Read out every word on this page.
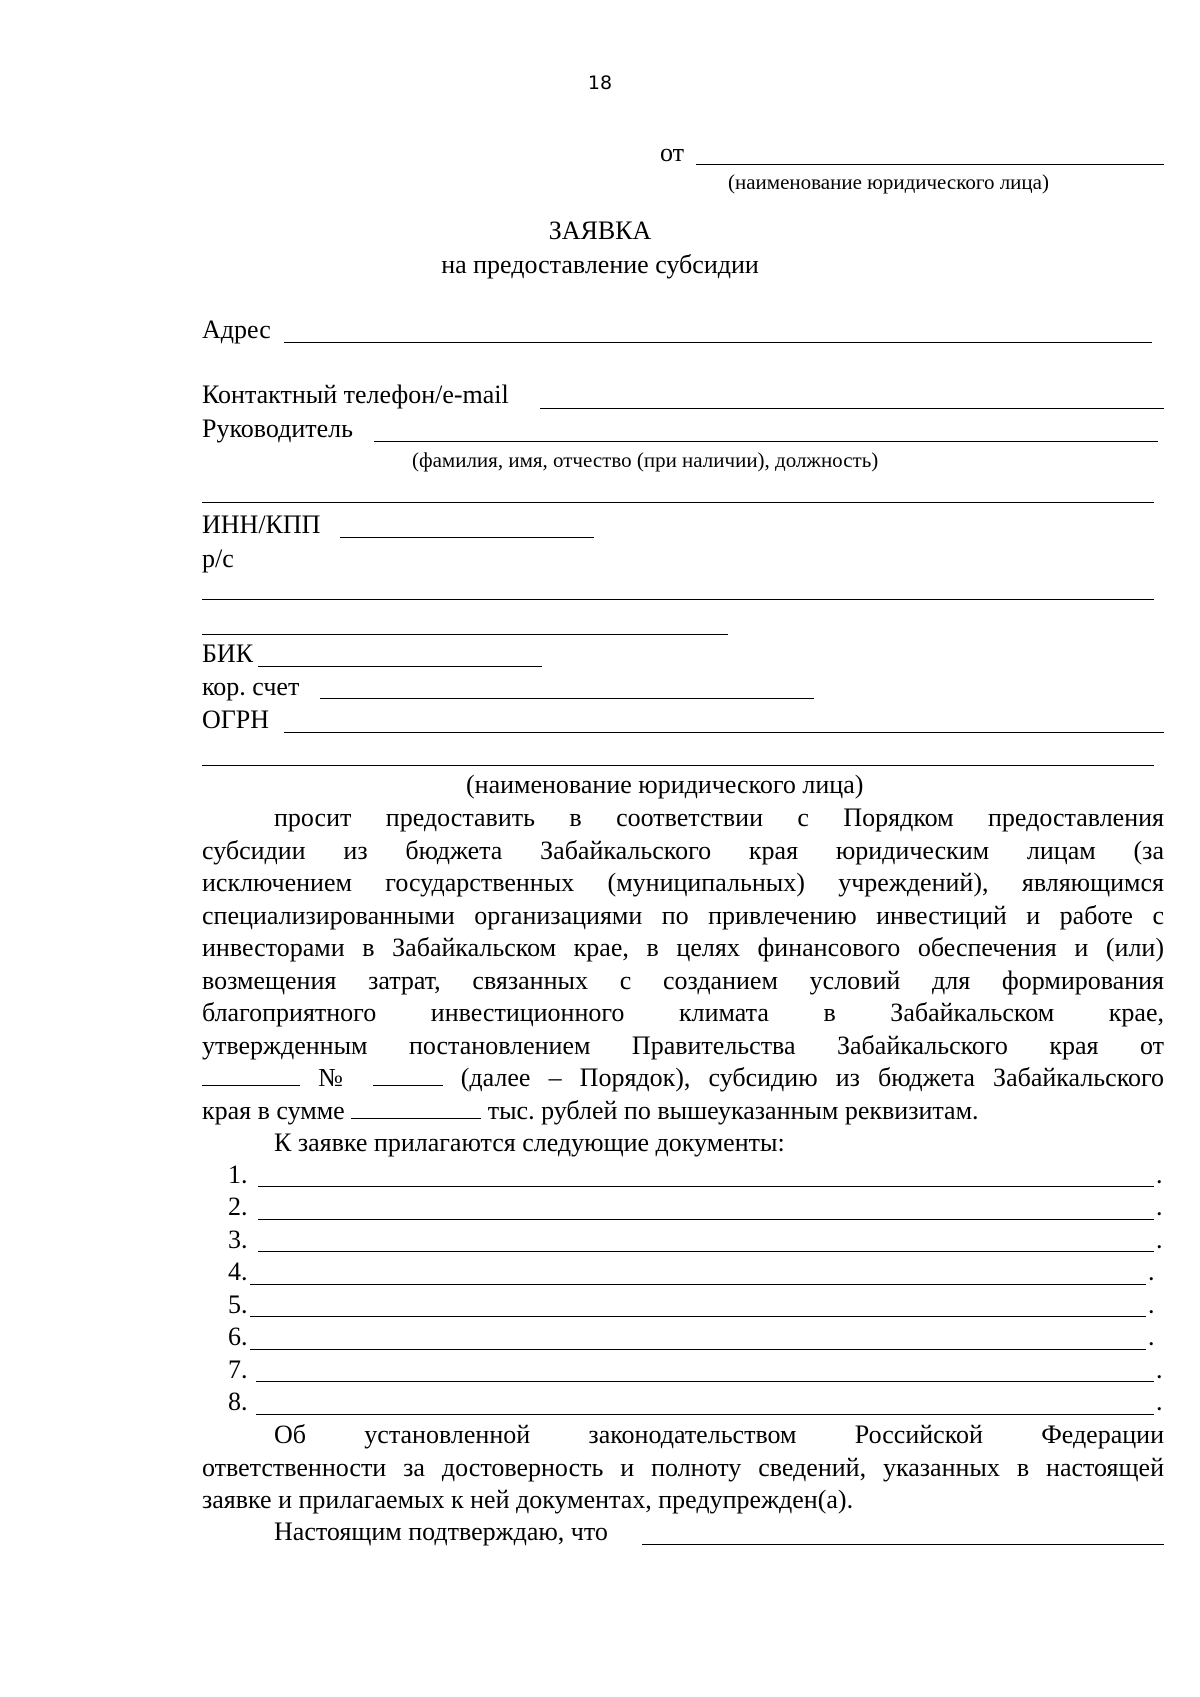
18
от
(наименование юридического лица)
ЗАЯВКА
на предоставление субсидии
Адрес
Контактный телефон/e-mail
Руководитель
(фамилия, имя, отчество (при наличии), должность)
ИНН/КПП
р/с
БИК
кор. счет
ОГРН
(наименование юридического лица)
просит предоставить в соответствии с Порядком предоставления
субсидии из бюджета Забайкальского края юридическим лицам (за
исключением государственных (муниципальных) учреждений), являющимся
специализированными организациями по привлечению инвестиций и работе с
инвесторами в Забайкальском крае, в целях финансового обеспечения и (или)
возмещения затрат, связанных с созданием условий для формирования
благоприятного инвестиционного климата в Забайкальском крае,
утвержденным постановлением Правительства Забайкальского края от
№	(далее – Порядок), субсидию из бюджета Забайкальского
края в сумме	тыс. рублей по вышеуказанным реквизитам.
К заявке прилагаются следующие документы:
1.	.
2.	.
3.	.
4.	.
5.	.
6.	.
7.	.
8.	.
Об установленной законодательством Российской Федерации
ответственности за достоверность и полноту сведений, указанных в настоящей
заявке и прилагаемых к ней документах, предупрежден(а).
Настоящим подтверждаю, что
